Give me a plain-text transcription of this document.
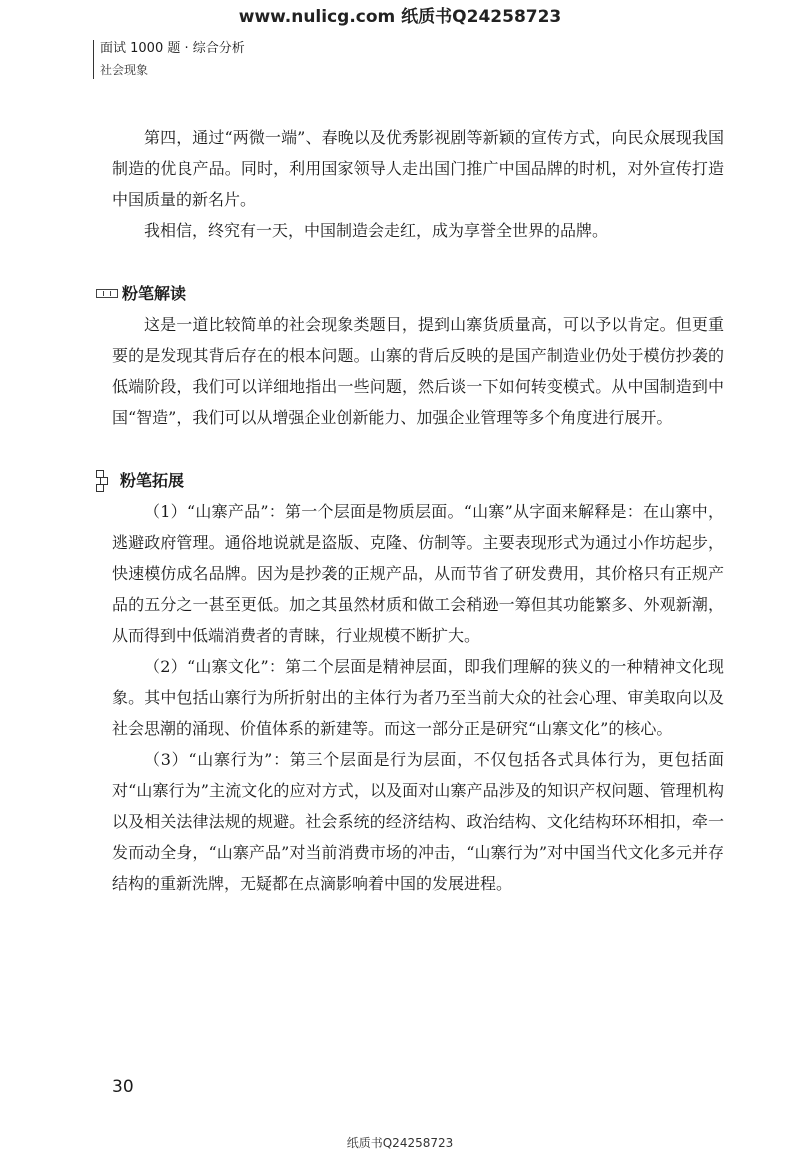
www.nulicg.com 纸质书Q24258723
面试 1000 题 · 综合分析
社会现象

第四，通过“两微一端”、春晚以及优秀影视剧等新颖的宣传方式，向民众展现我国制造的优良产品。同时，利用国家领导人走出国门推广中国品牌的时机，对外宣传打造中国质量的新名片。

我相信，终究有一天，中国制造会走红，成为享誉全世界的品牌。

粉笔解读

这是一道比较简单的社会现象类题目，提到山寨货质量高，可以予以肯定。但更重要的是发现其背后存在的根本问题。山寨的背后反映的是国产制造业仍处于模仿抄袭的低端阶段，我们可以详细地指出一些问题，然后谈一下如何转变模式。从中国制造到中国“智造”，我们可以从增强企业创新能力、加强企业管理等多个角度进行展开。

粉笔拓展

（1）“山寨产品”：第一个层面是物质层面。“山寨”从字面来解释是：在山寨中，逃避政府管理。通俗地说就是盗版、克隆、仿制等。主要表现形式为通过小作坊起步，快速模仿成名品牌。因为是抄袭的正规产品，从而节省了研发费用，其价格只有正规产品的五分之一甚至更低。加之其虽然材质和做工会稍逊一筹但其功能繁多、外观新潮，从而得到中低端消费者的青睐，行业规模不断扩大。

（2）“山寨文化”：第二个层面是精神层面，即我们理解的狭义的一种精神文化现象。其中包括山寨行为所折射出的主体行为者乃至当前大众的社会心理、审美取向以及社会思潮的涌现、价值体系的新建等。而这一部分正是研究“山寨文化”的核心。

（3）“山寨行为”：第三个层面是行为层面，不仅包括各式具体行为，更包括面对“山寨行为”主流文化的应对方式，以及面对山寨产品涉及的知识产权问题、管理机构以及相关法律法规的规避。社会系统的经济结构、政治结构、文化结构环环相扣，牵一发而动全身，“山寨产品”对当前消费市场的冲击，“山寨行为”对中国当代文化多元并存结构的重新洗牌，无疑都在点滴影响着中国的发展进程。

30
纸质书Q24258723
